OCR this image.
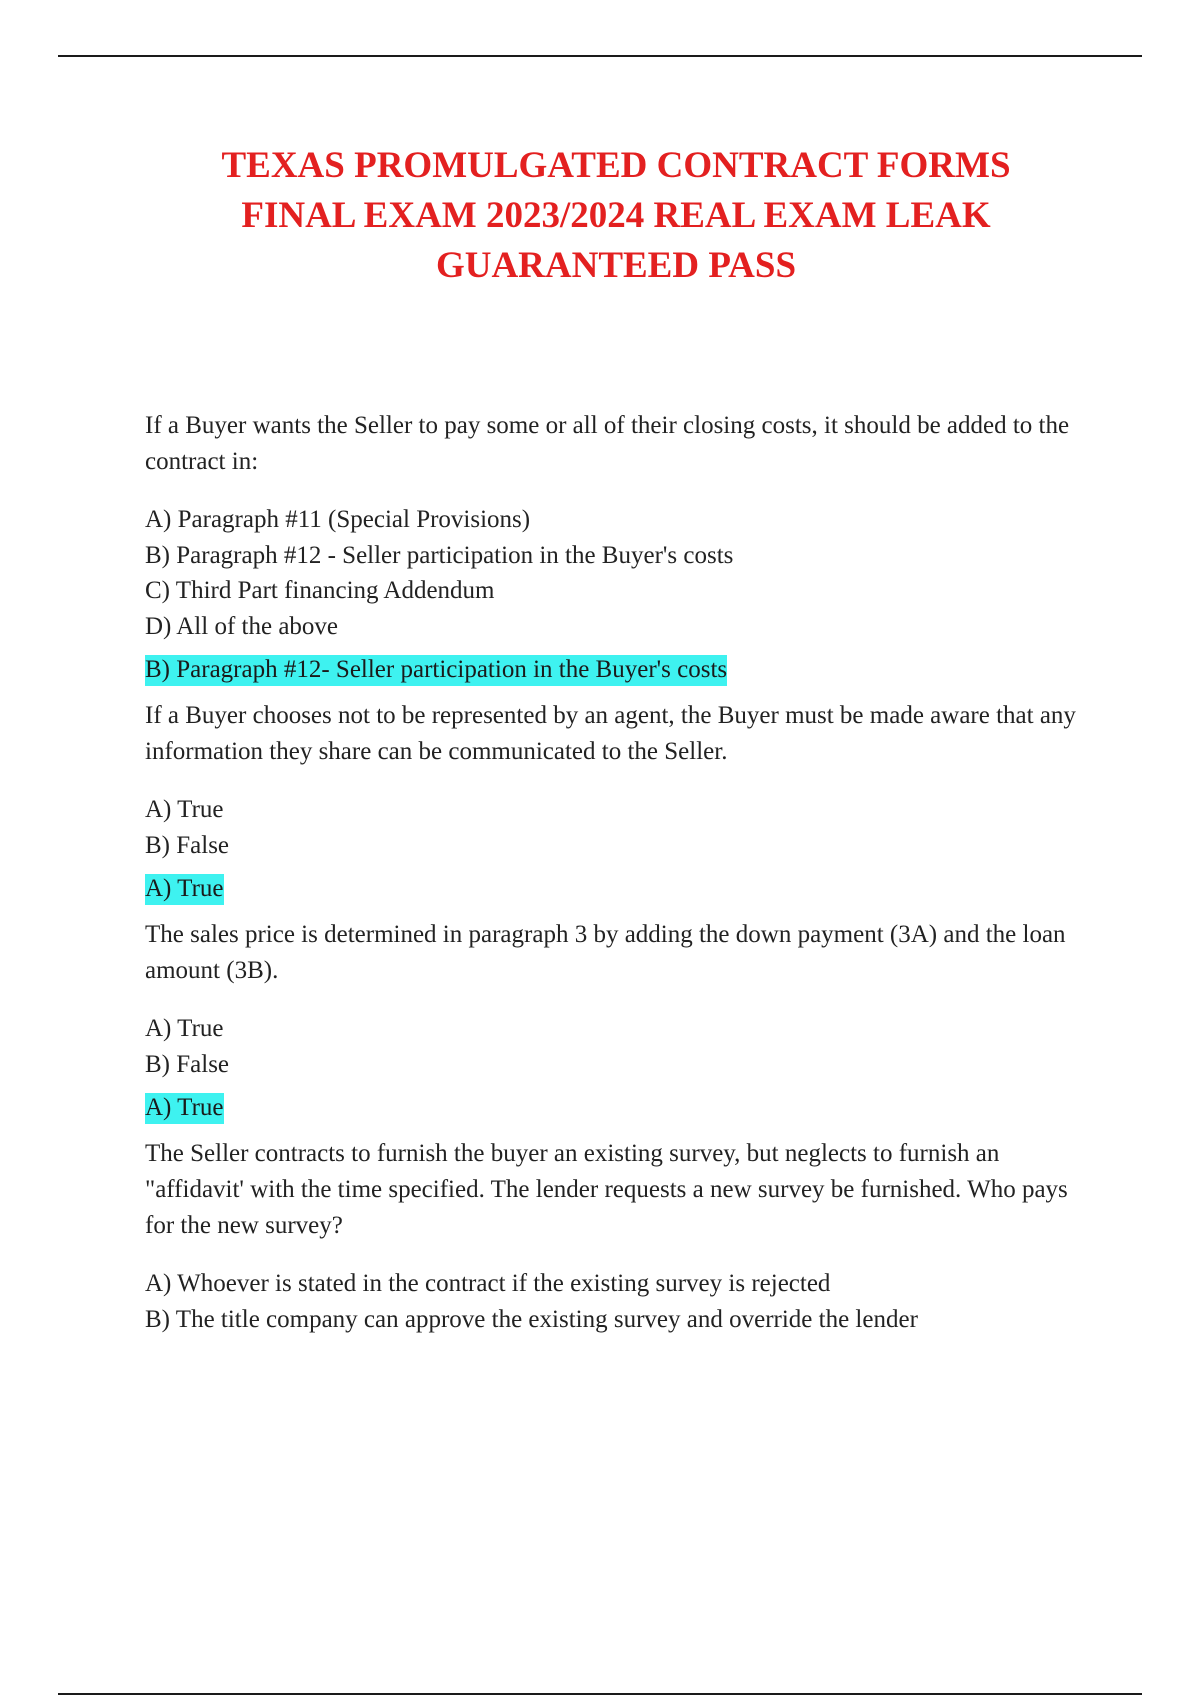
TEXAS PROMULGATED CONTRACT FORMS
FINAL EXAM 2023/2024 REAL EXAM LEAK
GUARANTEED PASS

If a Buyer wants the Seller to pay some or all of their closing costs, it should be added to the contract in:

A) Paragraph #11 (Special Provisions)
B) Paragraph #12 - Seller participation in the Buyer's costs
C) Third Part financing Addendum
D) All of the above
B) Paragraph #12- Seller participation in the Buyer's costs

If a Buyer chooses not to be represented by an agent, the Buyer must be made aware that any information they share can be communicated to the Seller.

A) True
B) False
A) True

The sales price is determined in paragraph 3 by adding the down payment (3A) and the loan amount (3B).

A) True
B) False
A) True

The Seller contracts to furnish the buyer an existing survey, but neglects to furnish an "affidavit' with the time specified. The lender requests a new survey be furnished. Who pays for the new survey?

A) Whoever is stated in the contract if the existing survey is rejected
B) The title company can approve the existing survey and override the lender
